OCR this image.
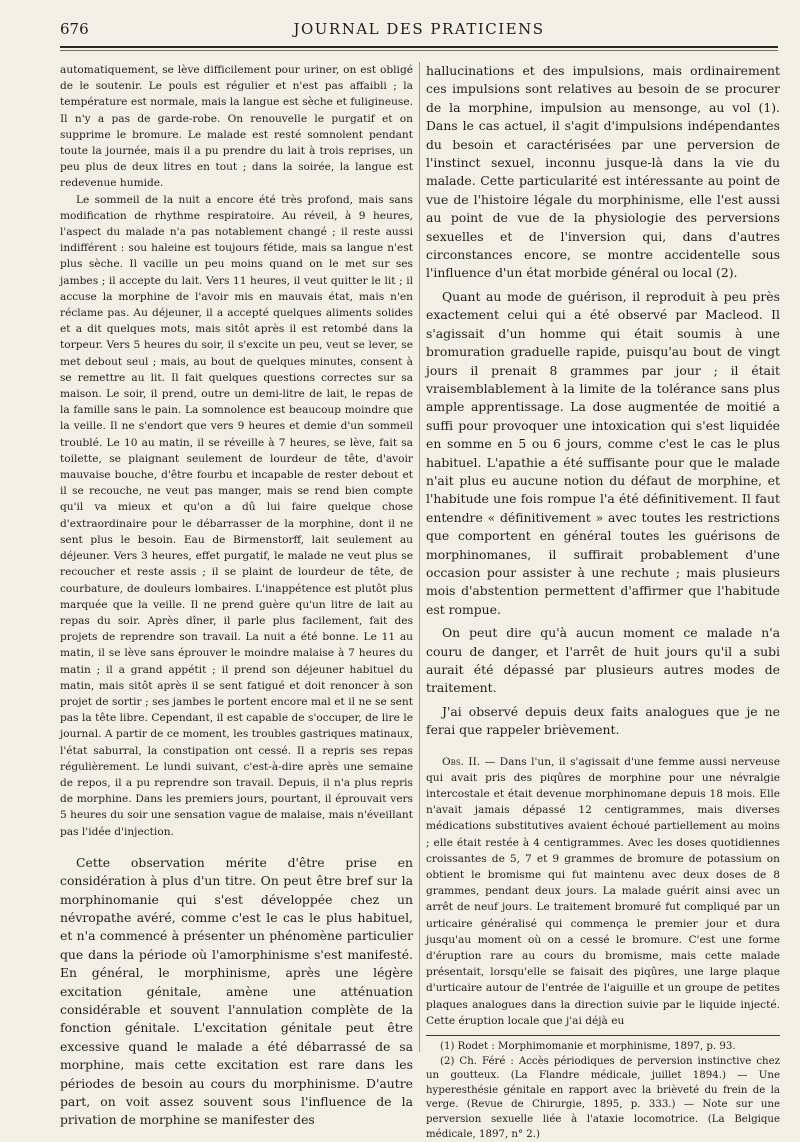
676	JOURNAL DES PRATICIENS

automatiquement, se lève difficilement pour uriner, on est obligé de le soutenir. Le pouls est régulier et n'est pas affaibli ; la température est normale, mais la langue est sèche et fuligineuse. Il n'y a pas de garde-robe. On renouvelle le purgatif et on supprime le bromure. Le malade est resté somnolent pendant toute la journée, mais il a pu prendre du lait à trois reprises, un peu plus de deux litres en tout ; dans la soirée, la langue est redevenue humide.

Le sommeil de la nuit a encore été très profond, mais sans modification de rhythme respiratoire. Au réveil, à 9 heures, l'aspect du malade n'a pas notablement changé ; il reste aussi indifférent : sou haleine est toujours fétide, mais sa langue n'est plus sèche. Il vacille un peu moins quand on le met sur ses jambes ; il accepte du lait. Vers 11 heures, il veut quitter le lit ; il accuse la morphine de l'avoir mis en mauvais état, mais n'en réclame pas. Au déjeuner, il a accepté quelques aliments solides et a dit quelques mots, mais sitôt après il est retombé dans la torpeur. Vers 5 heures du soir, il s'excite un peu, veut se lever, se met debout seul ; mais, au bout de quelques minutes, consent à se remettre au lit. Il fait quelques questions correctes sur sa maison. Le soir, il prend, outre un demi-litre de lait, le repas de la famille sans le pain. La somnolence est beaucoup moindre que la veille. Il ne s'endort que vers 9 heures et demie d'un sommeil troublé. Le 10 au matin, il se réveille à 7 heures, se lève, fait sa toilette, se plaignant seulement de lourdeur de tête, d'avoir mauvaise bouche, d'être fourbu et incapable de rester debout et il se recouche, ne veut pas manger, mais se rend bien compte qu'il va mieux et qu'on a dû lui faire quelque chose d'extraordinaire pour le débarrasser de la morphine, dont il ne sent plus le besoin. Eau de Birmenstorff, lait seulement au déjeuner. Vers 3 heures, effet purgatif, le malade ne veut plus se recoucher et reste assis ; il se plaint de lourdeur de tête, de courbature, de douleurs lombaires. L'inappétence est plutôt plus marquée que la veille. Il ne prend guère qu'un litre de lait au repas du soir. Après dîner, il parle plus facilement, fait des projets de reprendre son travail. La nuit a été bonne. Le 11 au matin, il se lève sans éprouver le moindre malaise à 7 heures du matin ; il a grand appétit ; il prend son déjeuner habituel du matin, mais sitôt après il se sent fatigué et doit renoncer à son projet de sortir ; ses jambes le portent encore mal et il ne se sent pas la tête libre. Cependant, il est capable de s'occuper, de lire le journal. A partir de ce moment, les troubles gastriques matinaux, l'état saburral, la constipation ont cessé. Il a repris ses repas régulièrement. Le lundi suivant, c'est-à-dire après une semaine de repos, il a pu reprendre son travail. Depuis, il n'a plus repris de morphine. Dans les premiers jours, pourtant, il éprouvait vers 5 heures du soir une sensation vague de malaise, mais n'éveillant pas l'idée d'injection.

Cette observation mérite d'être prise en considération à plus d'un titre. On peut être bref sur la morphinomanie qui s'est développée chez un névropathe avéré, comme c'est le cas le plus habituel, et n'a commencé à présenter un phénomène particulier que dans la période où l'amorphinisme s'est manifesté. En général, le morphinisme, après une légère excitation génitale, amène une atténuation considérable et souvent l'annulation complète de la fonction génitale. L'excitation génitale peut être excessive quand le malade a été débarrassé de sa morphine, mais cette excitation est rare dans les périodes de besoin au cours du morphinisme. D'autre part, on voit assez souvent sous l'influence de la privation de morphine se manifester des

hallucinations et des impulsions, mais ordinairement ces impulsions sont relatives au besoin de se procurer de la morphine, impulsion au mensonge, au vol (1). Dans le cas actuel, il s'agit d'impulsions indépendantes du besoin et caractérisées par une perversion de l'instinct sexuel, inconnu jusque-là dans la vie du malade. Cette particularité est intéressante au point de vue de l'histoire légale du morphinisme, elle l'est aussi au point de vue de la physiologie des perversions sexuelles et de l'inversion qui, dans d'autres circonstances encore, se montre accidentelle sous l'influence d'un état morbide général ou local (2).

Quant au mode de guérison, il reproduit à peu près exactement celui qui a été observé par Macleod. Il s'agissait d'un homme qui était soumis à une bromuration graduelle rapide, puisqu'au bout de vingt jours il prenait 8 grammes par jour ; il était vraisemblablement à la limite de la tolérance sans plus ample apprentissage. La dose augmentée de moitié a suffi pour provoquer une intoxication qui s'est liquidée en somme en 5 ou 6 jours, comme c'est le cas le plus habituel. L'apathie a été suffisante pour que le malade n'ait plus eu aucune notion du défaut de morphine, et l'habitude une fois rompue l'a été définitivement. Il faut entendre « définitivement » avec toutes les restrictions que comportent en général toutes les guérisons de morphinomanes, il suffirait probablement d'une occasion pour assister à une rechute ; mais plusieurs mois d'abstention permettent d'affirmer que l'habitude est rompue.

On peut dire qu'à aucun moment ce malade n'a couru de danger, et l'arrêt de huit jours qu'il a subi aurait été dépassé par plusieurs autres modes de traitement.

J'ai observé depuis deux faits analogues que je ne ferai que rappeler brièvement.

Obs. II. — Dans l'un, il s'agissait d'une femme aussi nerveuse qui avait pris des piqûres de morphine pour une névralgie intercostale et était devenue morphinomane depuis 18 mois. Elle n'avait jamais dépassé 12 centigrammes, mais diverses médications substitutives avaient échoué partiellement au moins ; elle était restée à 4 centigrammes. Avec les doses quotidiennes croissantes de 5, 7 et 9 grammes de bromure de potassium on obtient le bromisme qui fut maintenu avec deux doses de 8 grammes, pendant deux jours. La malade guérit ainsi avec un arrêt de neuf jours. Le traitement bromuré fut compliqué par un urticaire généralisé qui commença le premier jour et dura jusqu'au moment où on a cessé le bromure. C'est une forme d'éruption rare au cours du bromisme, mais cette malade présentait, lorsqu'elle se faisait des piqûres, une large plaque d'urticaire autour de l'entrée de l'aiguille et un groupe de petites plaques analogues dans la direction suivie par le liquide injecté. Cette éruption locale que j'ai déjà eu

(1) Rodet : Morphimomanie et morphinisme, 1897, p. 93.

(2) Ch. Féré : Accès périodiques de perversion instinctive chez un goutteux. (La Flandre médicale, juillet 1894.) — Une hyperesthésie génitale en rapport avec la brièveté du frein de la verge. (Revue de Chirurgie, 1895, p. 333.) — Note sur une perversion sexuelle liée à l'ataxie locomotrice. (La Belgique médicale, 1897, n° 2.)
